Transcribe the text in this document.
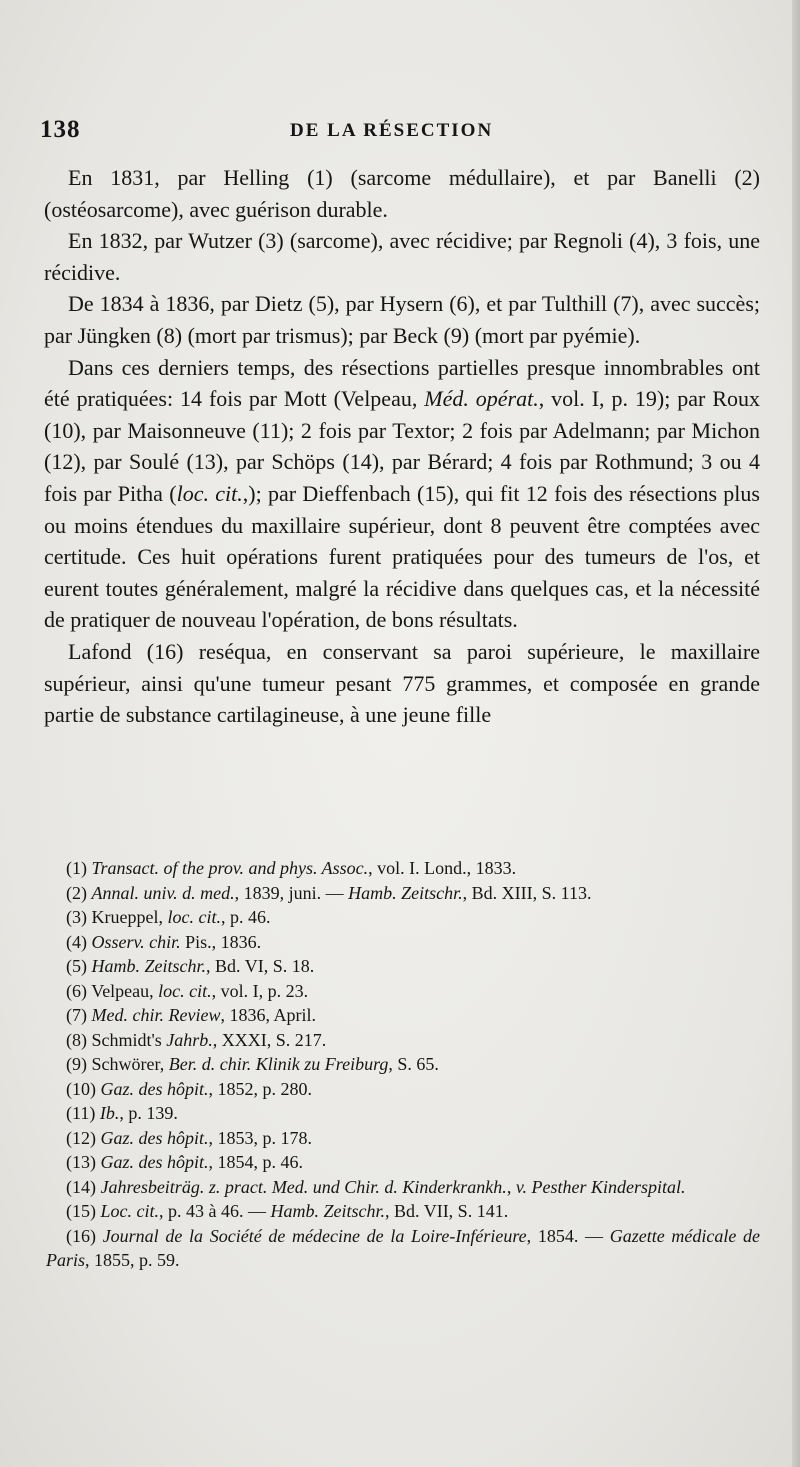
138	DE LA RÉSECTION

En 1831, par Helling (1) (sarcome médullaire), et par Banelli (2) (ostéosarcome), avec guérison durable.

En 1832, par Wutzer (3) (sarcome), avec récidive; par Regnoli (4), 3 fois, une récidive.

De 1834 à 1836, par Dietz (5), par Hysern (6), et par Tulthill (7), avec succès; par Jüngken (8) (mort par trismus); par Beck (9) (mort par pyémie).

Dans ces derniers temps, des résections partielles presque innombrables ont été pratiquées: 14 fois par Mott (Velpeau, Méd. opérat., vol. I, p. 19); par Roux (10), par Maisonneuve (11); 2 fois par Textor; 2 fois par Adelmann; par Michon (12), par Soulé (13), par Schöps (14), par Bérard; 4 fois par Rothmund; 3 ou 4 fois par Pitha (loc. cit.,); par Dieffenbach (15), qui fit 12 fois des résections plus ou moins étendues du maxillaire supérieur, dont 8 peuvent être comptées avec certitude. Ces huit opérations furent pratiquées pour des tumeurs de l'os, et eurent toutes généralement, malgré la récidive dans quelques cas, et la nécessité de pratiquer de nouveau l'opération, de bons résultats.

Lafond (16) reséqua, en conservant sa paroi supérieure, le maxillaire supérieur, ainsi qu'une tumeur pesant 775 grammes, et composée en grande partie de substance cartilagineuse, à une jeune fille

(1) Transact. of the prov. and phys. Assoc., vol. I. Lond., 1833.

(2) Annal. univ. d. med., 1839, juni. — Hamb. Zeitschr., Bd. XIII, S. 113.

(3) Krueppel, loc. cit., p. 46.

(4) Osserv. chir. Pis., 1836.

(5) Hamb. Zeitschr., Bd. VI, S. 18.

(6) Velpeau, loc. cit., vol. I, p. 23.

(7) Med. chir. Review, 1836, April.

(8) Schmidt's Jahrb., XXXI, S. 217.

(9) Schwörer, Ber. d. chir. Klinik zu Freiburg, S. 65.

(10) Gaz. des hôpit., 1852, p. 280.

(11) Ib., p. 139.

(12) Gaz. des hôpit., 1853, p. 178.

(13) Gaz. des hôpit., 1854, p. 46.

(14) Jahresbeiträg. z. pract. Med. und Chir. d. Kinderkrankh., v. Pesther Kinderspital.

(15) Loc. cit., p. 43 à 46. — Hamb. Zeitschr., Bd. VII, S. 141.

(16) Journal de la Société de médecine de la Loire-Inférieure, 1854. — Gazette médicale de Paris, 1855, p. 59.
